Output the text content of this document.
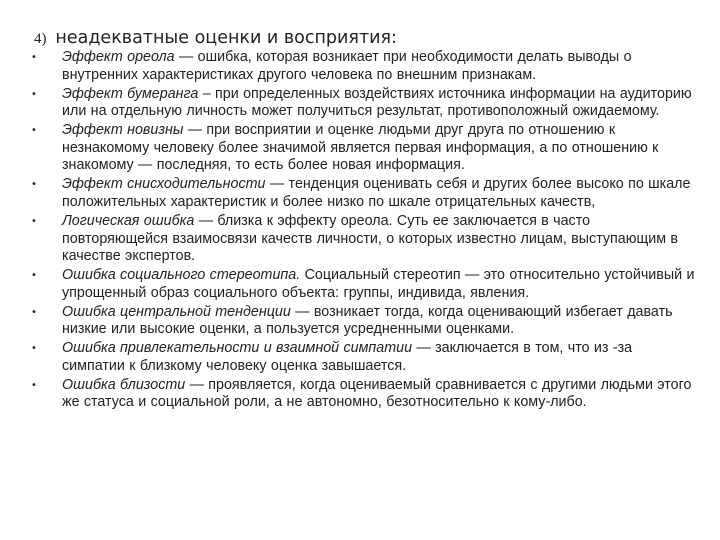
4) неадекватные оценки и восприятия:
• Эффект ореола — ошибка, которая возникает при необходимости делать выводы о внутренних характеристиках другого человека по внешним признакам.
• Эффект бумеранга – при определенных воздействиях источника информации на аудиторию или на отдельную личность может получиться результат, противоположный ожидаемому.
• Эффект новизны — при восприятии и оценке людьми друг друга по отношению к незнакомому человеку более значимой является первая информация, а по отношению к знакомому — последняя, то есть более новая информация.
• Эффект снисходительности — тенденция оценивать себя и других более высоко по шкале положительных характеристик и более низко по шкале отрицательных качеств,
• Логическая ошибка — близка к эффекту ореола. Суть ее заключается в часто повторяющейся взаимосвязи качеств личности, о которых известно лицам, выступающим в качестве экспертов.
• Ошибка социального стереотипа. Социальный стереотип — это относительно устойчивый и упрощенный образ социального объекта: группы, индивида, явления.
• Ошибка центральной тенденции — возникает тогда, когда оценивающий избегает давать низкие или высокие оценки, а пользуется усредненными оценками.
• Ошибка привлекательности и взаимной симпатии — заключается в том, что из -за симпатии к близкому человеку оценка завышается.
• Ошибка близости — проявляется, когда оцениваемый сравнивается с другими людьми этого же статуса и социальной роли, а не автономно, безотносительно к кому-либо.
